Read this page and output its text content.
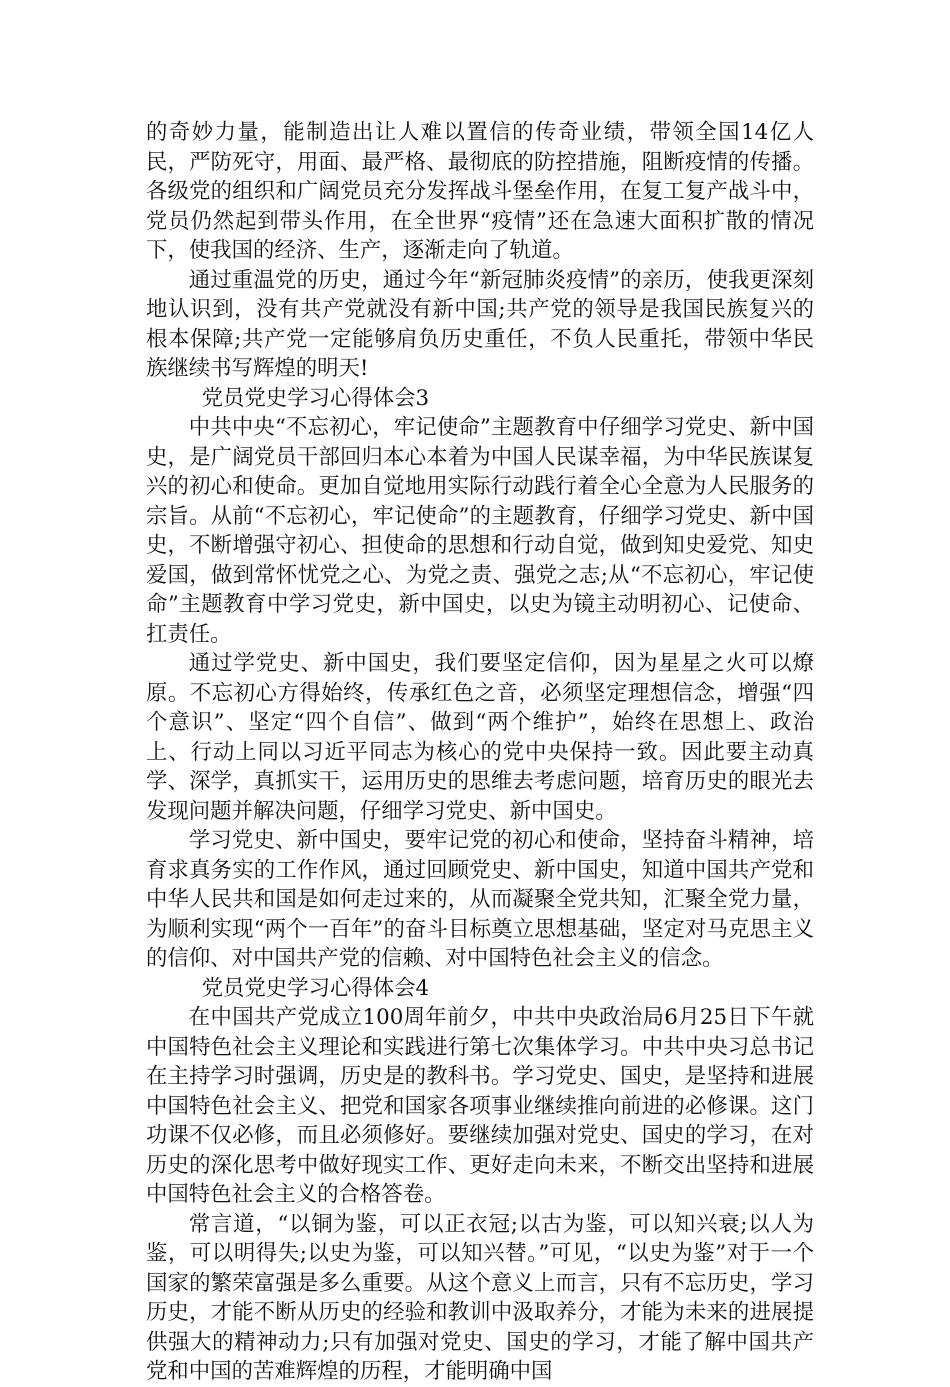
的奇妙力量，能制造出让人难以置信的传奇业绩，带领全国14亿人民，严防死守，用面、最严格、最彻底的防控措施，阻断疫情的传播。各级党的组织和广阔党员充分发挥战斗堡垒作用，在复工复产战斗中，党员仍然起到带头作用，在全世界“疫情”还在急速大面积扩散的情况下，使我国的经济、生产，逐渐走向了轨道。

通过重温党的历史，通过今年“新冠肺炎疫情”的亲历，使我更深刻地认识到，没有共产党就没有新中国;共产党的领导是我国民族复兴的根本保障;共产党一定能够肩负历史重任，不负人民重托，带领中华民族继续书写辉煌的明天!

党员党史学习心得体会3

中共中央“不忘初心，牢记使命”主题教育中仔细学习党史、新中国史，是广阔党员干部回归本心本着为中国人民谋幸福，为中华民族谋复兴的初心和使命。更加自觉地用实际行动践行着全心全意为人民服务的宗旨。从前“不忘初心，牢记使命”的主题教育，仔细学习党史、新中国史，不断增强守初心、担使命的思想和行动自觉，做到知史爱党、知史爱国，做到常怀忧党之心、为党之责、强党之志;从“不忘初心，牢记使命”主题教育中学习党史，新中国史，以史为镜主动明初心、记使命、扛责任。

通过学党史、新中国史，我们要坚定信仰，因为星星之火可以燎原。不忘初心方得始终，传承红色之音，必须坚定理想信念，增强“四个意识”、坚定“四个自信”、做到“两个维护”，始终在思想上、政治上、行动上同以习近平同志为核心的党中央保持一致。因此要主动真学、深学，真抓实干，运用历史的思维去考虑问题，培育历史的眼光去发现问题并解决问题，仔细学习党史、新中国史。

学习党史、新中国史，要牢记党的初心和使命，坚持奋斗精神，培育求真务实的工作作风，通过回顾党史、新中国史，知道中国共产党和中华人民共和国是如何走过来的，从而凝聚全党共知，汇聚全党力量，为顺利实现“两个一百年”的奋斗目标奠立思想基础，坚定对马克思主义的信仰、对中国共产党的信赖、对中国特色社会主义的信念。

党员党史学习心得体会4

在中国共产党成立100周年前夕，中共中央政治局6月25日下午就中国特色社会主义理论和实践进行第七次集体学习。中共中央习总书记在主持学习时强调，历史是的教科书。学习党史、国史，是坚持和进展中国特色社会主义、把党和国家各项事业继续推向前进的必修课。这门功课不仅必修，而且必须修好。要继续加强对党史、国史的学习，在对历史的深化思考中做好现实工作、更好走向未来，不断交出坚持和进展中国特色社会主义的合格答卷。

常言道，“以铜为鉴，可以正衣冠;以古为鉴，可以知兴衰;以人为鉴，可以明得失;以史为鉴，可以知兴替。”可见，“以史为鉴”对于一个国家的繁荣富强是多么重要。从这个意义上而言，只有不忘历史，学习历史，才能不断从历史的经验和教训中汲取养分，才能为未来的进展提供强大的精神动力;只有加强对党史、国史的学习，才能了解中国共产党和中国的苦难辉煌的历程，才能明确中国
